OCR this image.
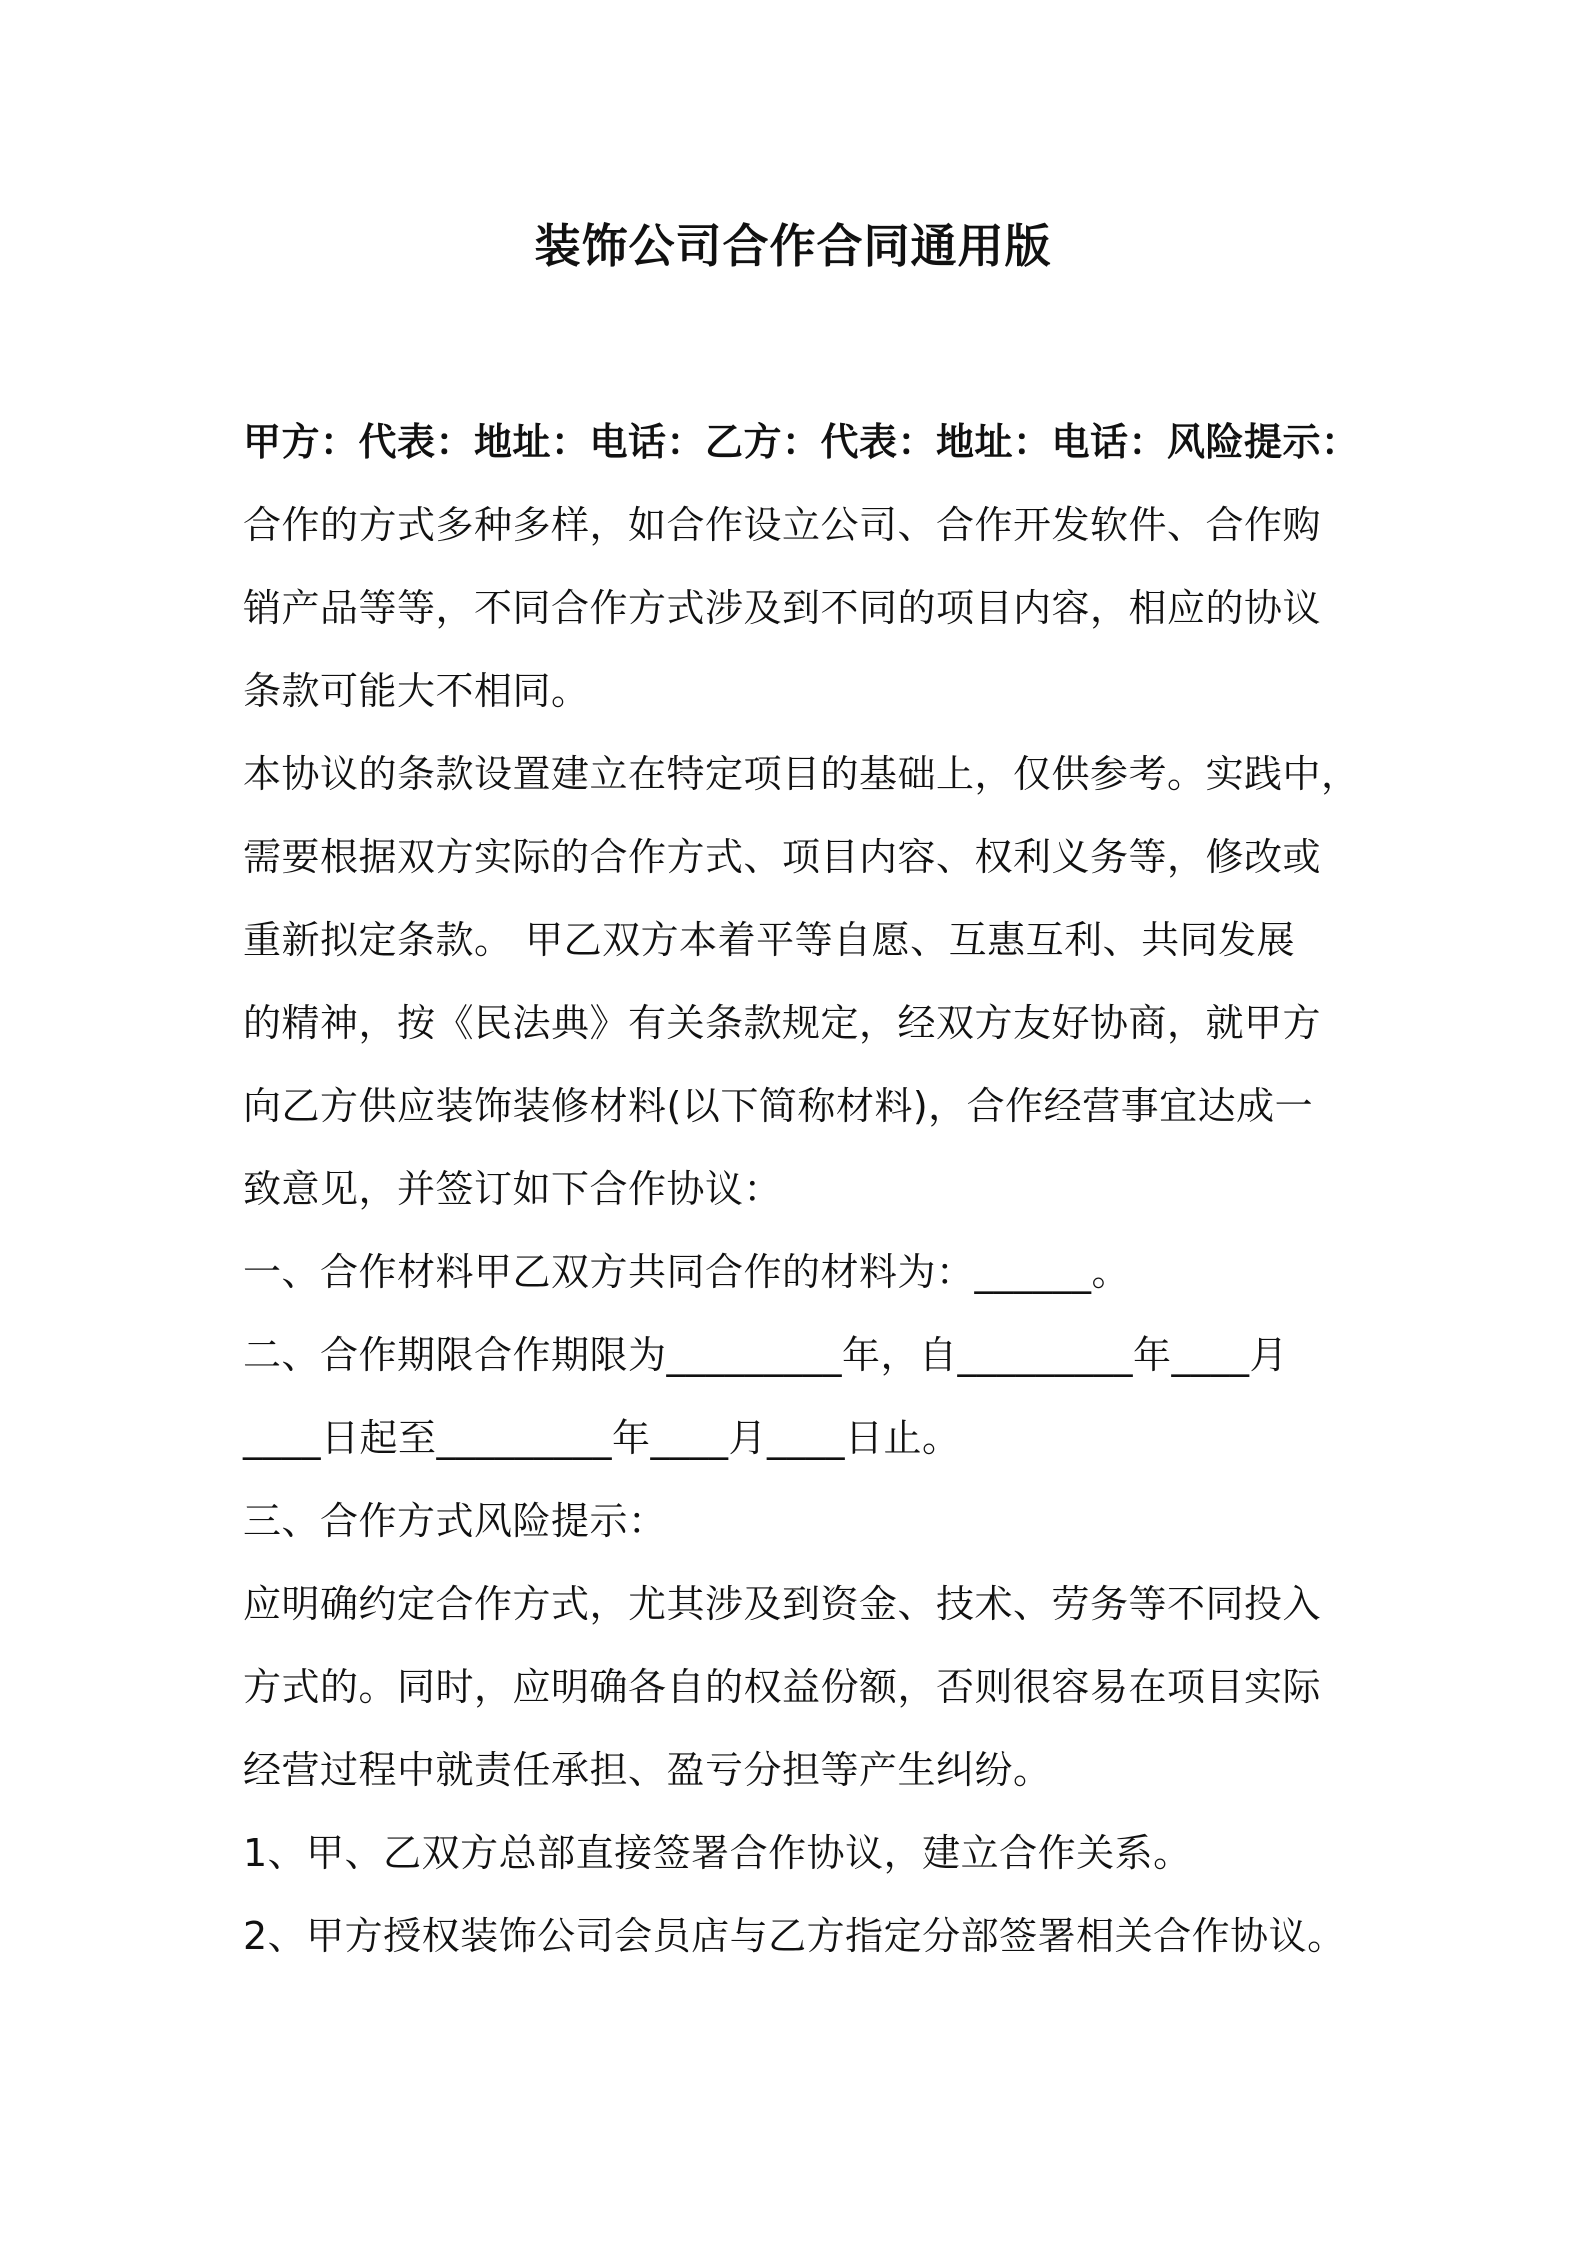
装饰公司合作合同通用版
甲方：代表：地址：电话：乙方：代表：地址：电话：风险提示：
合作的方式多种多样，如合作设立公司、合作开发软件、合作购
销产品等等，不同合作方式涉及到不同的项目内容，相应的协议
条款可能大不相同。
本协议的条款设置建立在特定项目的基础上，仅供参考。实践中，
需要根据双方实际的合作方式、项目内容、权利义务等，修改或
重新拟定条款。 甲乙双方本着平等自愿、互惠互利、共同发展
的精神，按《民法典》有关条款规定，经双方友好协商，就甲方
向乙方供应装饰装修材料(以下简称材料)，合作经营事宜达成一
致意见，并签订如下合作协议：
一、合作材料甲乙双方共同合作的材料为：______。
二、合作期限合作期限为_________年，自_________年____月
____日起至_________年____月____日止。
三、合作方式风险提示：
应明确约定合作方式，尤其涉及到资金、技术、劳务等不同投入
方式的。同时，应明确各自的权益份额，否则很容易在项目实际
经营过程中就责任承担、盈亏分担等产生纠纷。
1、甲、乙双方总部直接签署合作协议，建立合作关系。
2、甲方授权装饰公司会员店与乙方指定分部签署相关合作协议。
